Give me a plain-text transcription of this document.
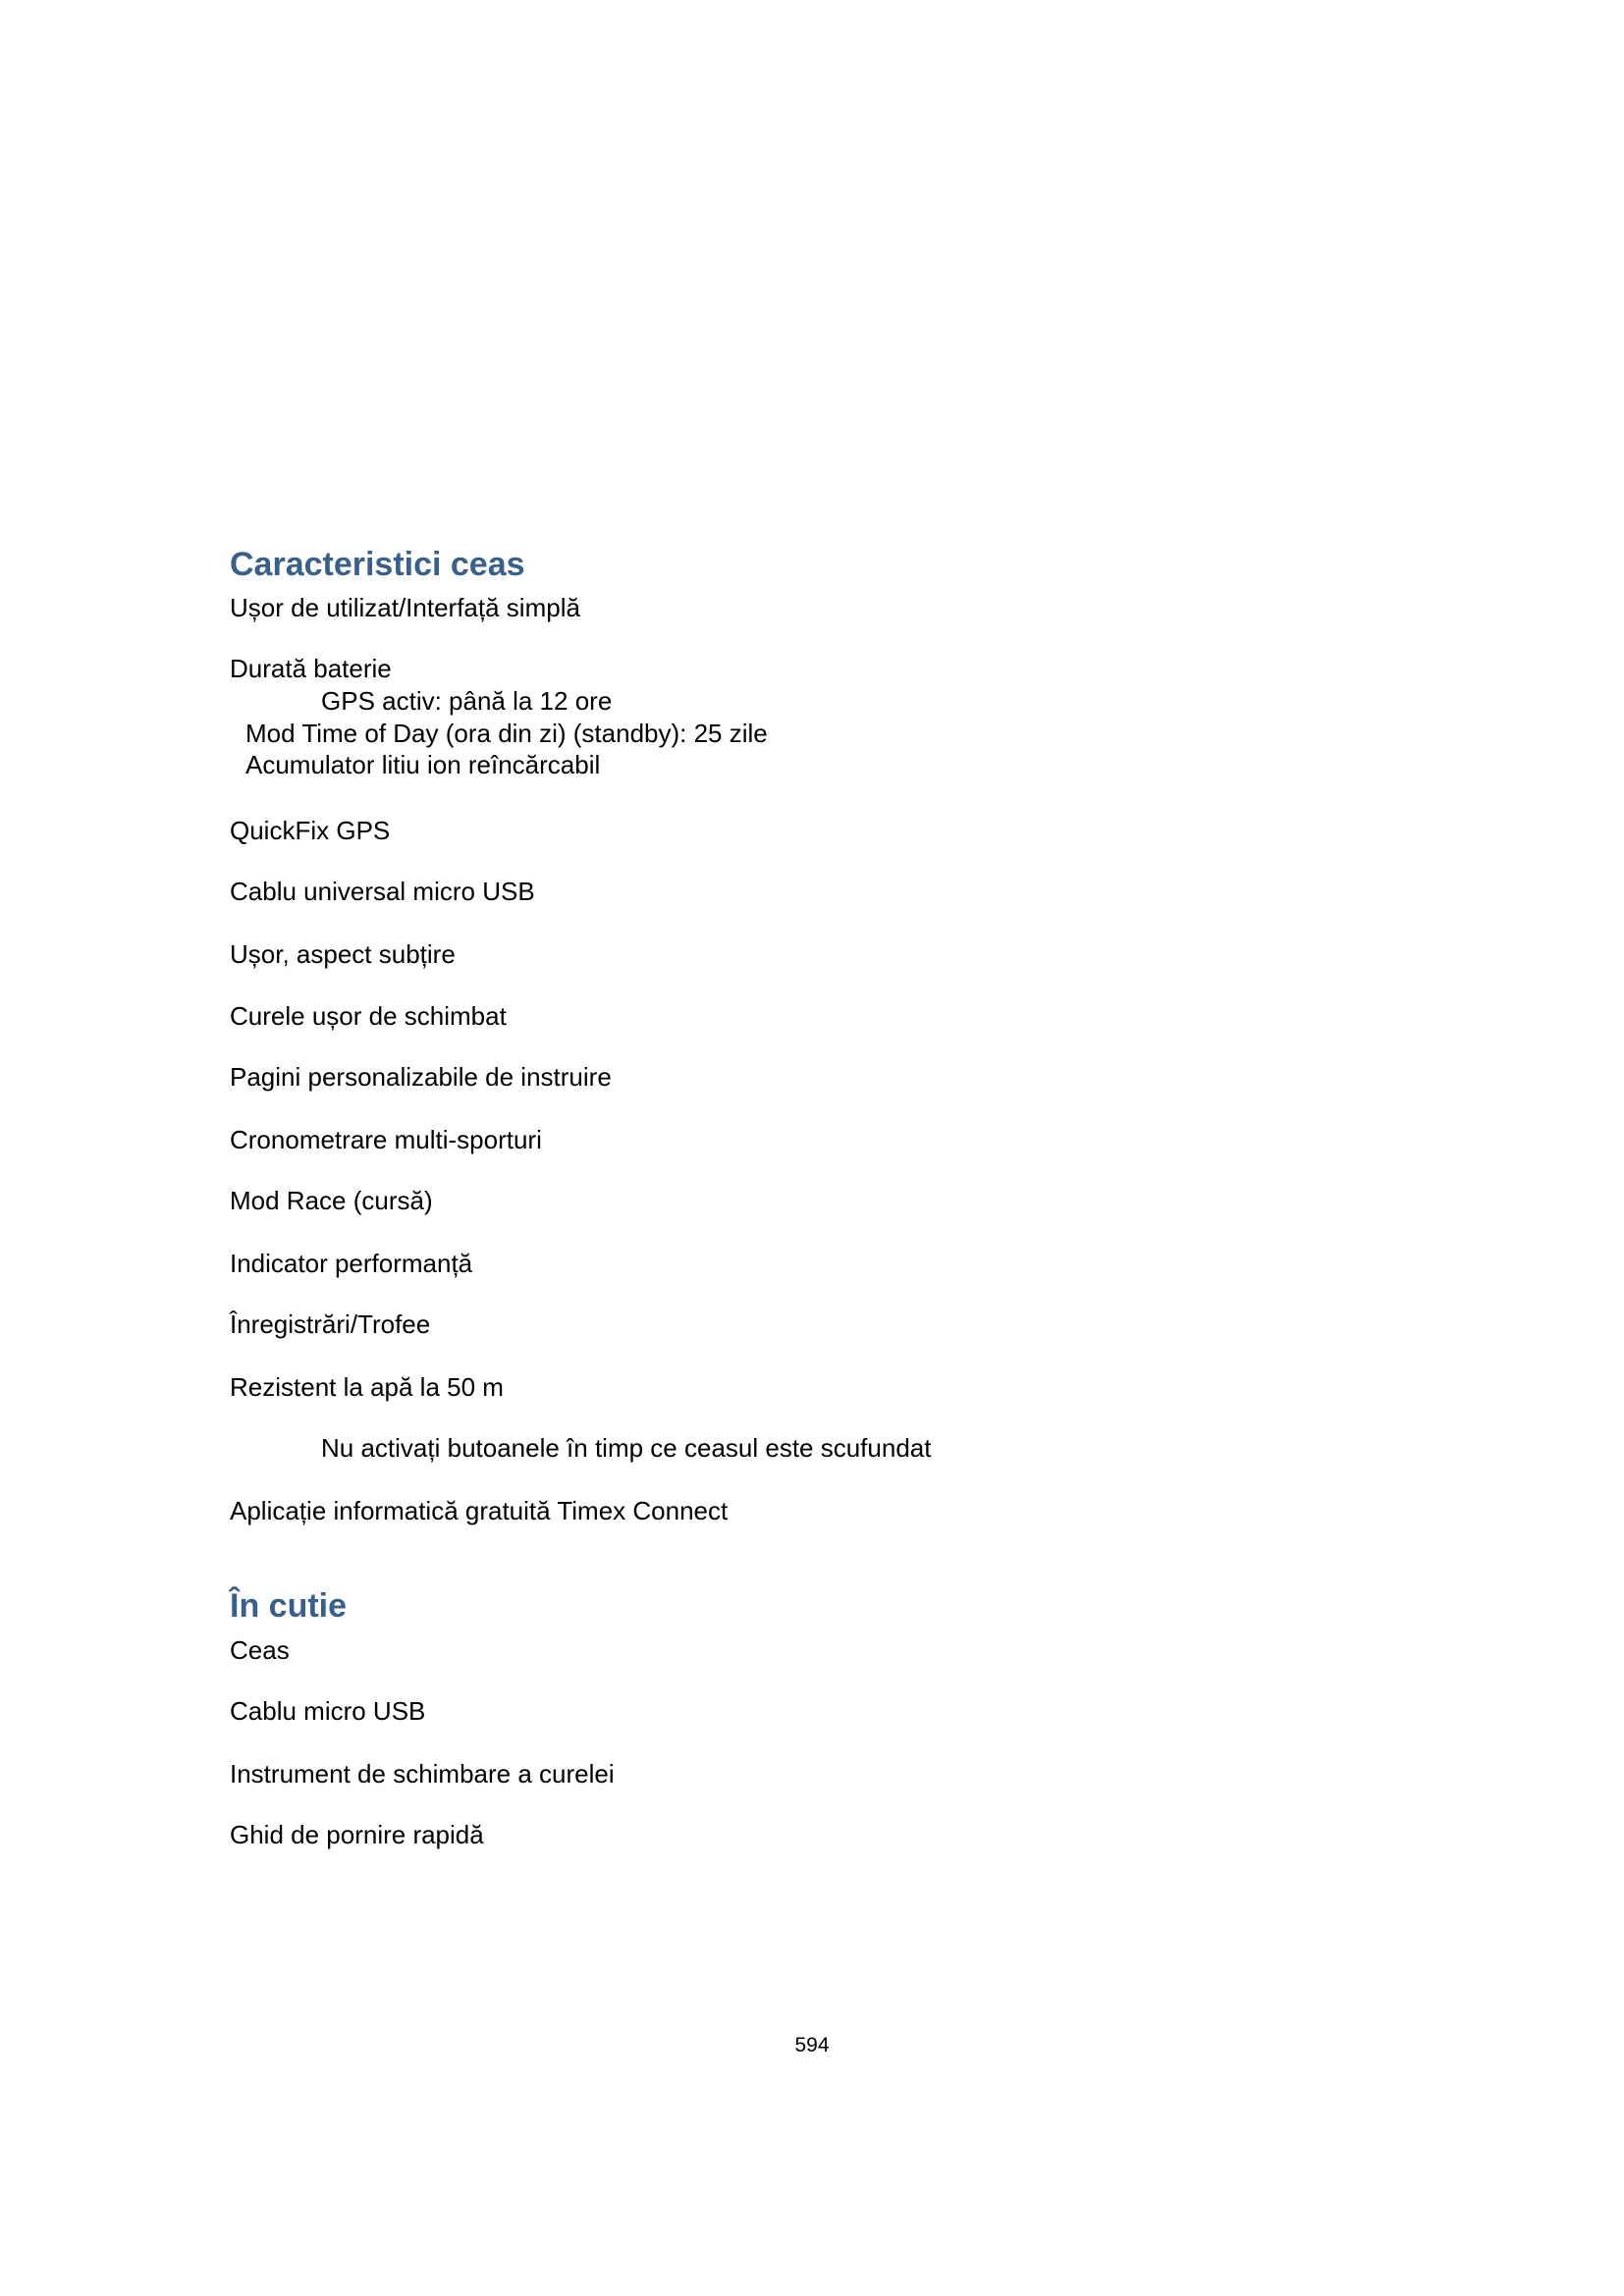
Caracteristici ceas
Ușor de utilizat/Interfață simplă
Durată baterie
GPS activ: până la 12 ore
Mod Time of Day (ora din zi) (standby): 25 zile
Acumulator litiu ion reîncărcabil
QuickFix GPS
Cablu universal micro USB
Ușor, aspect subțire
Curele ușor de schimbat
Pagini personalizabile de instruire
Cronometrare multi-sporturi
Mod Race (cursă)
Indicator performanță
Înregistrări/Trofee
Rezistent la apă la 50 m
Nu activați butoanele în timp ce ceasul este scufundat
Aplicație informatică gratuită Timex Connect
În cutie
Ceas
Cablu micro USB
Instrument de schimbare a curelei
Ghid de pornire rapidă
594
